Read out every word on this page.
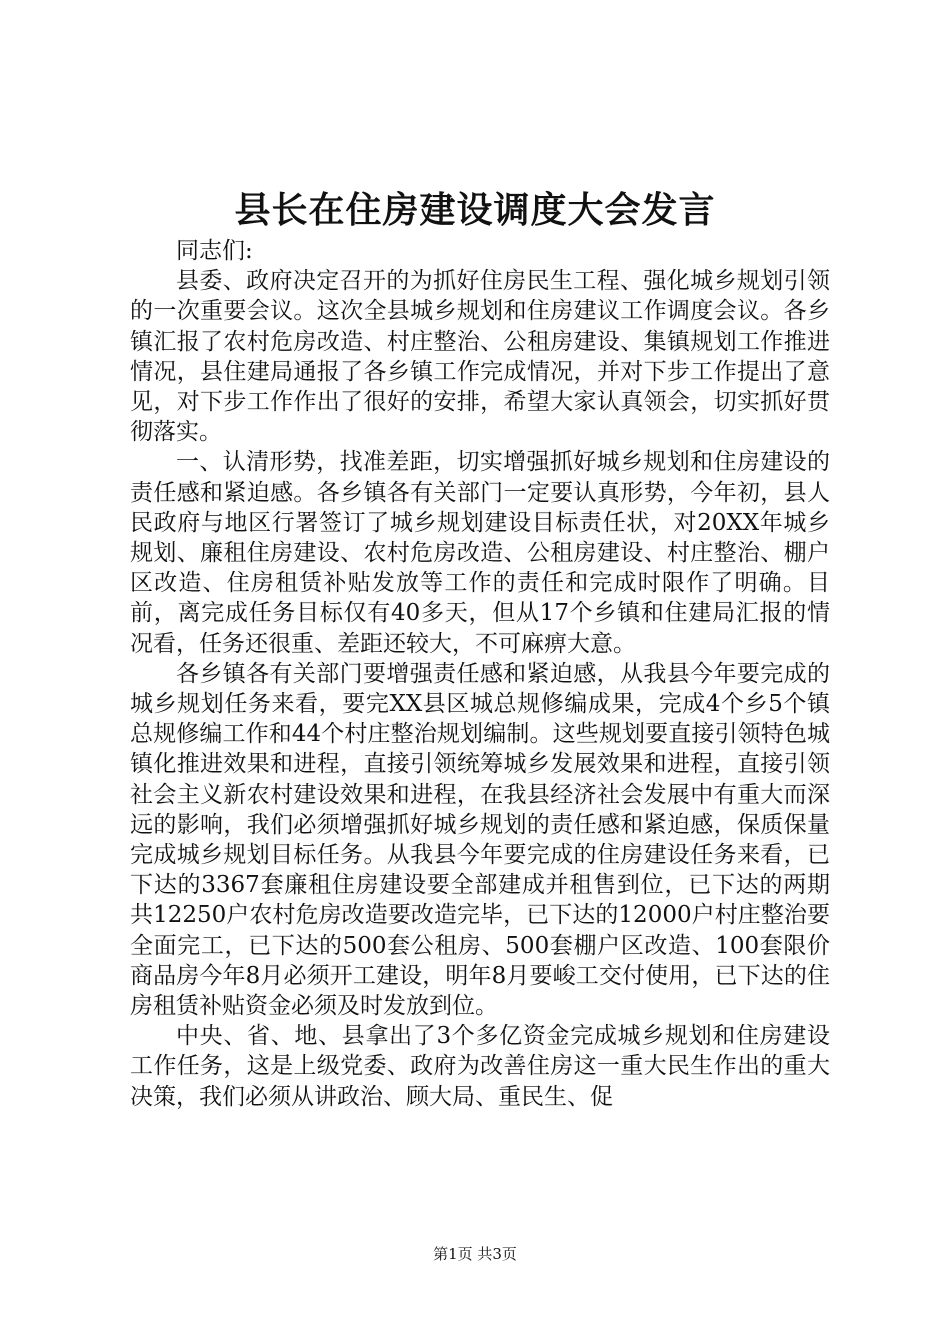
县长在住房建设调度大会发言

同志们:

县委、政府决定召开的为抓好住房民生工程、强化城乡规划引领的一次重要会议。这次全县城乡规划和住房建议工作调度会议。各乡镇汇报了农村危房改造、村庄整治、公租房建设、集镇规划工作推进情况，县住建局通报了各乡镇工作完成情况，并对下步工作提出了意见，对下步工作作出了很好的安排，希望大家认真领会，切实抓好贯彻落实。

一、认清形势，找准差距，切实增强抓好城乡规划和住房建设的责任感和紧迫感。各乡镇各有关部门一定要认真形势，今年初，县人民政府与地区行署签订了城乡规划建设目标责任状，对20XX年城乡规划、廉租住房建设、农村危房改造、公租房建设、村庄整治、棚户区改造、住房租赁补贴发放等工作的责任和完成时限作了明确。目前，离完成任务目标仅有40多天，但从17个乡镇和住建局汇报的情况看，任务还很重、差距还较大，不可麻痹大意。

各乡镇各有关部门要增强责任感和紧迫感，从我县今年要完成的城乡规划任务来看，要完XX县区城总规修编成果，完成4个乡5个镇总规修编工作和44个村庄整治规划编制。这些规划要直接引领特色城镇化推进效果和进程，直接引领统筹城乡发展效果和进程，直接引领社会主义新农村建设效果和进程，在我县经济社会发展中有重大而深远的影响，我们必须增强抓好城乡规划的责任感和紧迫感，保质保量完成城乡规划目标任务。从我县今年要完成的住房建设任务来看，已下达的3367套廉租住房建设要全部建成并租售到位，已下达的两期共12250户农村危房改造要改造完毕，已下达的12000户村庄整治要全面完工，已下达的500套公租房、500套棚户区改造、100套限价商品房今年8月必须开工建设，明年8月要峻工交付使用，已下达的住房租赁补贴资金必须及时发放到位。

中央、省、地、县拿出了3个多亿资金完成城乡规划和住房建设工作任务，这是上级党委、政府为改善住房这一重大民生作出的重大决策，我们必须从讲政治、顾大局、重民生、促

第1页 共3页
